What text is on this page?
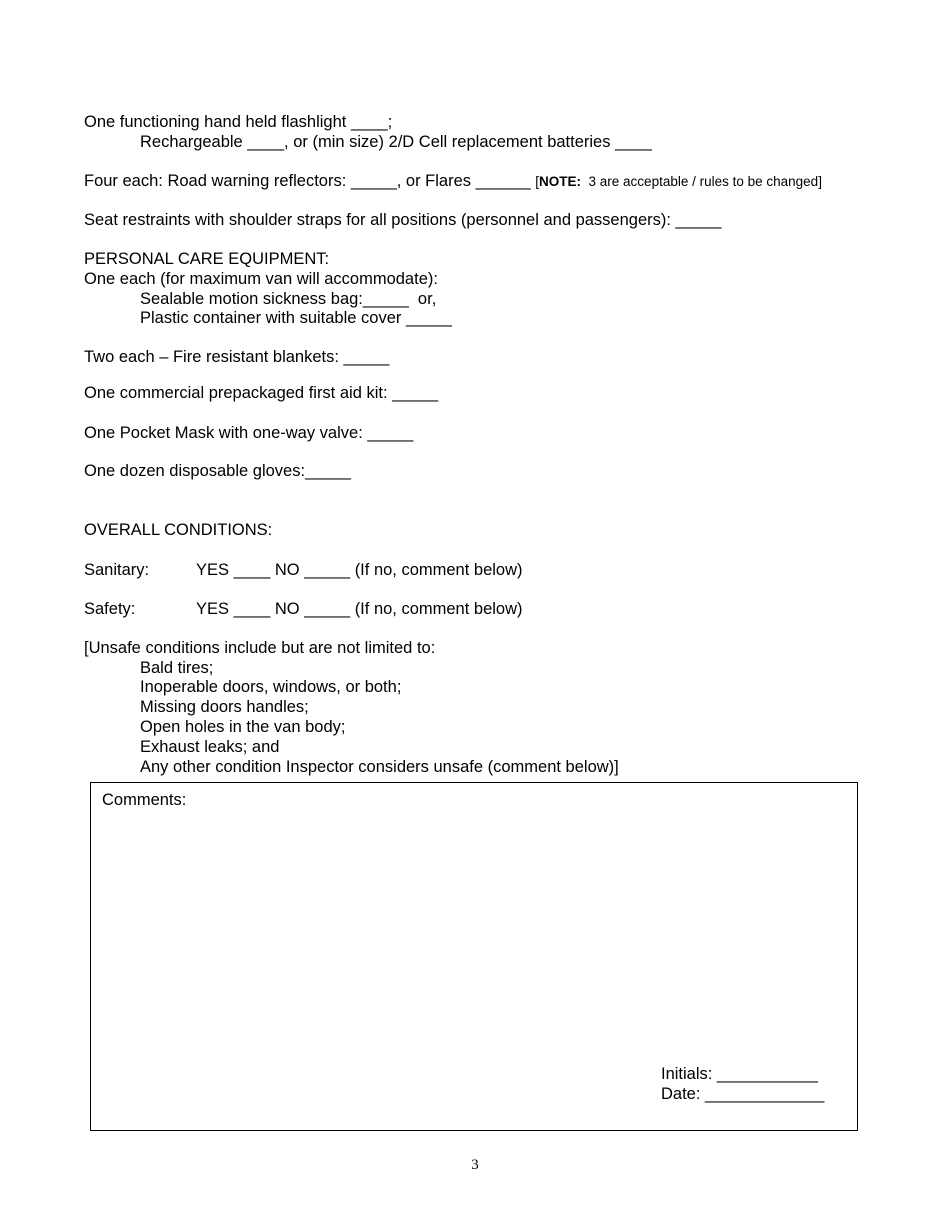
One functioning hand held flashlight ____;
Rechargeable ____, or (min size) 2/D Cell replacement batteries ____
Four each: Road warning reflectors: _____, or Flares ______ [NOTE:  3 are acceptable / rules to be changed]
Seat restraints with shoulder straps for all positions (personnel and passengers): _____
PERSONAL CARE EQUIPMENT:
One each (for maximum van will accommodate):
Sealable motion sickness bag:_____  or,
Plastic container with suitable cover _____
Two each – Fire resistant blankets: _____
One commercial prepackaged first aid kit: _____
One Pocket Mask with one-way valve: _____
One dozen disposable gloves:_____
OVERALL CONDITIONS:
Sanitary:	YES ____ NO _____ (If no, comment below)
Safety:	YES ____ NO _____ (If no, comment below)
[Unsafe conditions include but are not limited to:
Bald tires;
Inoperable doors, windows, or both;
Missing doors handles;
Open holes in the van body;
Exhaust leaks; and
Any other condition Inspector considers unsafe (comment below)]
Comments:
Initials: ___________
Date: _____________
3
